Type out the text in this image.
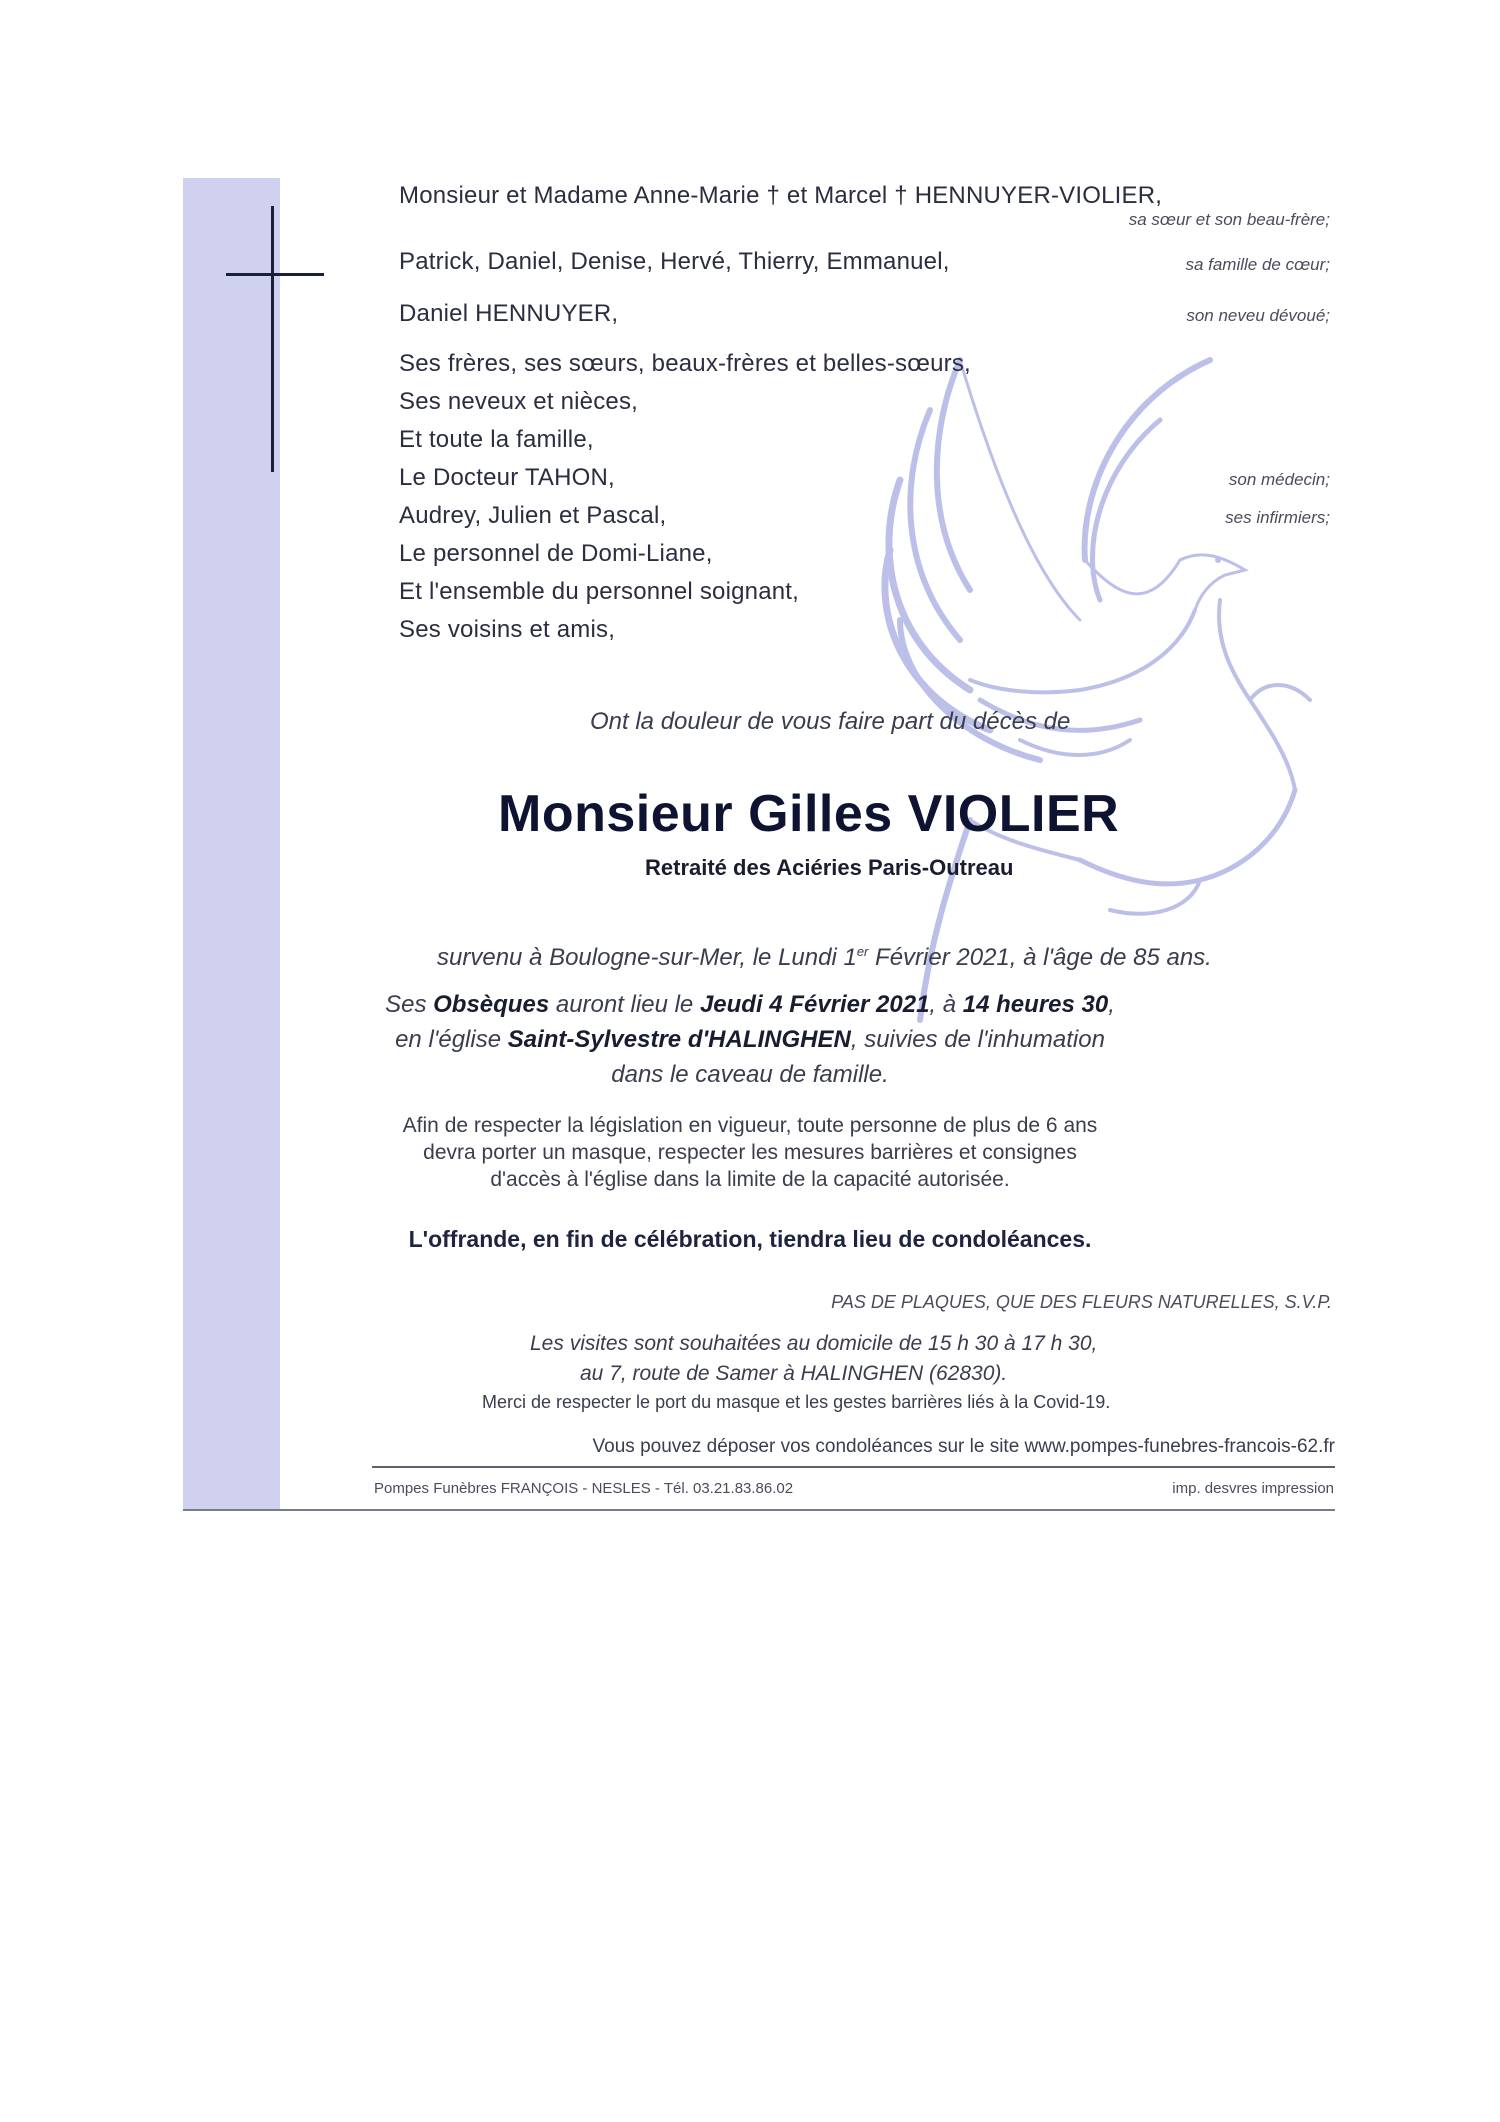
Monsieur et Madame Anne-Marie † et Marcel † HENNUYER-VIOLIER,
sa sœur et son beau-frère;
Patrick, Daniel, Denise, Hervé, Thierry, Emmanuel,	sa famille de cœur;
Daniel HENNUYER,	son neveu dévoué;
Ses frères, ses sœurs, beaux-frères et belles-sœurs,
Ses neveux et nièces,
Et toute la famille,
Le Docteur TAHON,	son médecin;
Audrey, Julien et Pascal,	ses infirmiers;
Le personnel de Domi-Liane,
Et l'ensemble du personnel soignant,
Ses voisins et amis,
Ont la douleur de vous faire part du décès de
Monsieur Gilles VIOLIER
Retraité des Aciéries Paris-Outreau
survenu à Boulogne-sur-Mer, le Lundi 1er Février 2021, à l'âge de 85 ans.
Ses Obsèques auront lieu le Jeudi 4 Février 2021, à 14 heures 30,
en l'église Saint-Sylvestre d'HALINGHEN, suivies de l'inhumation
dans le caveau de famille.
Afin de respecter la législation en vigueur, toute personne de plus de 6 ans
devra porter un masque, respecter les mesures barrières et consignes
d'accès à l'église dans la limite de la capacité autorisée.
L'offrande, en fin de célébration, tiendra lieu de condoléances.
PAS DE PLAQUES, QUE DES FLEURS NATURELLES, S.V.P.
Les visites sont souhaitées au domicile de 15 h 30 à 17 h 30,
au 7, route de Samer à HALINGHEN (62830).
Merci de respecter le port du masque et les gestes barrières liés à la Covid-19.
Vous pouvez déposer vos condoléances sur le site www.pompes-funebres-francois-62.fr
Pompes Funèbres FRANÇOIS - NESLES - Tél. 03.21.83.86.02	imp. desvres impression
